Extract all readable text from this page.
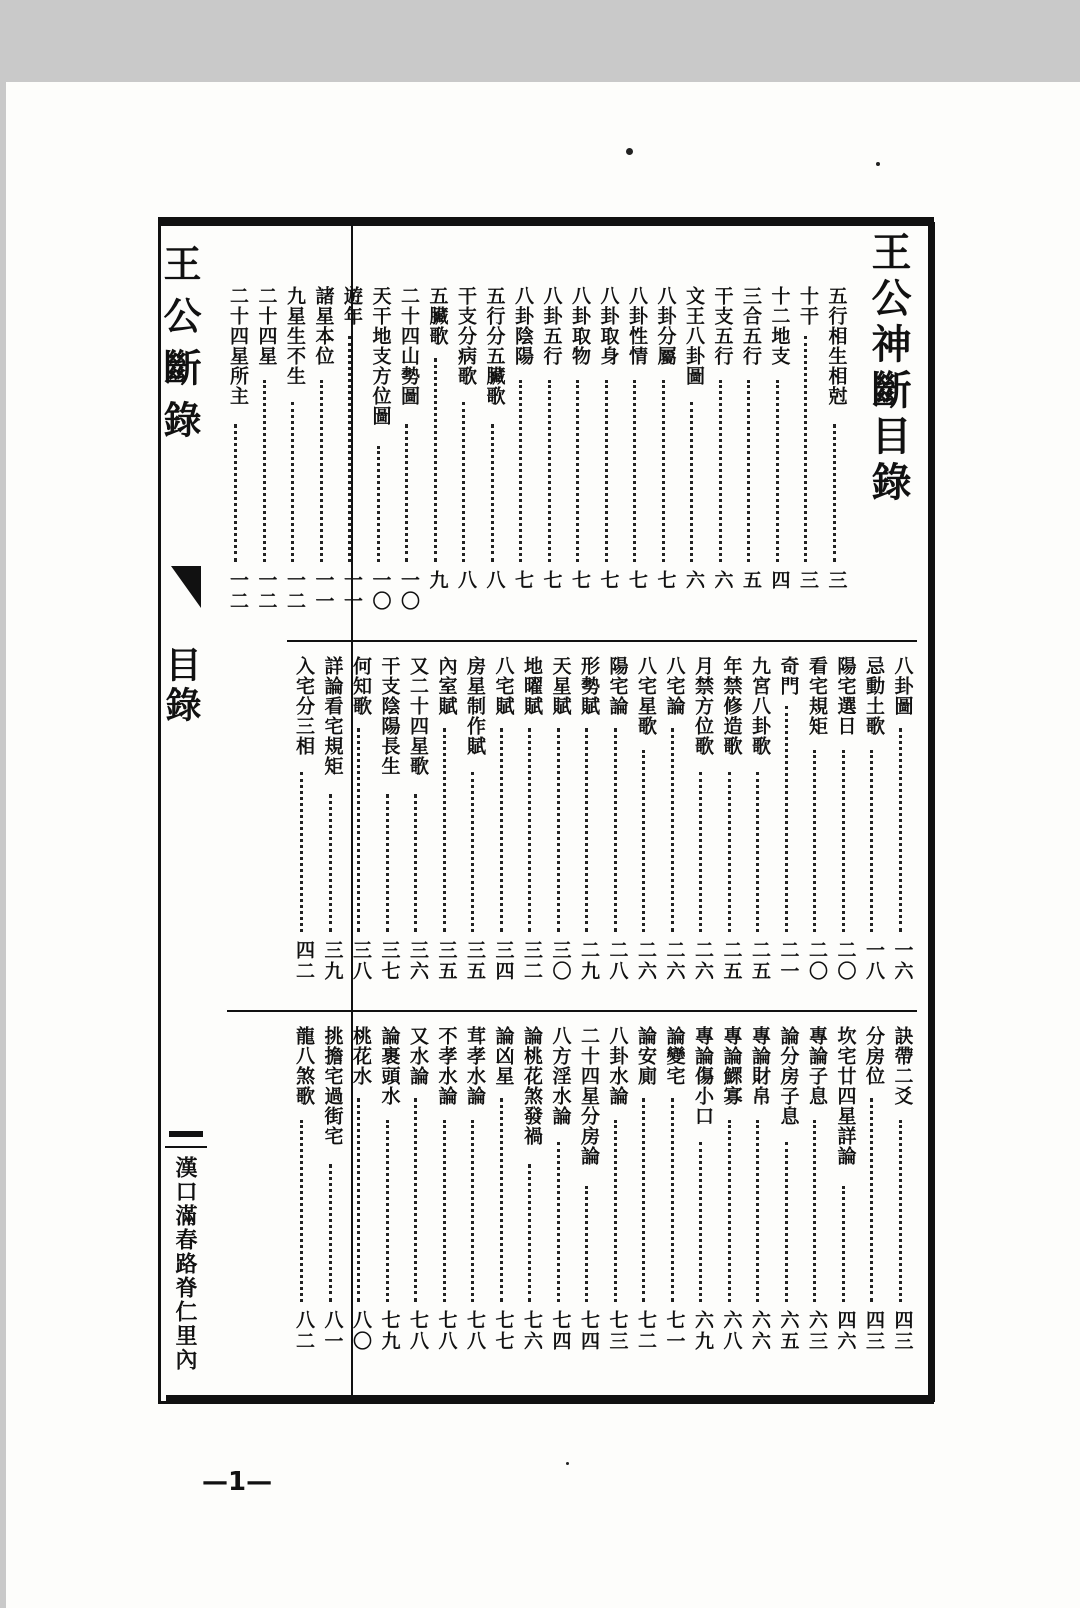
王公斷錄
目錄
漢口滿春路脊仁里內
王公神斷目錄
五行相生相尅
三
十干
三
十二地支
四
三合五行
五
干支五行
六
文王八卦圖
六
八卦分屬
七
八卦性情
七
八卦取身
七
八卦取物
七
八卦五行
七
八卦陰陽
七
五行分五臟歌
八
干支分病歌
八
五臟歌
九
二十四山勢圖
一〇
天干地支方位圖
一〇
遊年
一一
諸星本位
一一
九星生不生
一二
二十四星
一二
二十四星所主
一二
八卦圖
一六
忌動土歌
一八
陽宅選日
二〇
看宅規矩
二〇
奇門
二一
九宮八卦歌
二五
年禁修造歌
二五
月禁方位歌
二六
八宅論
二六
八宅星歌
二六
陽宅論
二八
形勢賦
二九
天星賦
三〇
地曜賦
三二
八宅賦
三四
房星制作賦
三五
內室賦
三五
又二十四星歌
三六
干支陰陽長生
三七
何知歌
三八
詳論看宅規矩
三九
入宅分三相
四二
訣帶二爻
四三
分房位
四三
坎宅廿四星詳論
四六
專論子息
六三
論分房子息
六五
專論財帛
六六
專論鰥寡
六八
專論傷小口
六九
論變宅
七一
論安廁
七二
八卦水論
七三
二十四星分房論
七四
八方淫水論
七四
論桃花煞發禍
七六
論凶星
七七
茸孝水論
七八
不孝水論
七八
又水論
七八
論裹頭水
七九
桃花水
八〇
挑擔宅過街宅
八一
龍八煞歌
八二
—1—
